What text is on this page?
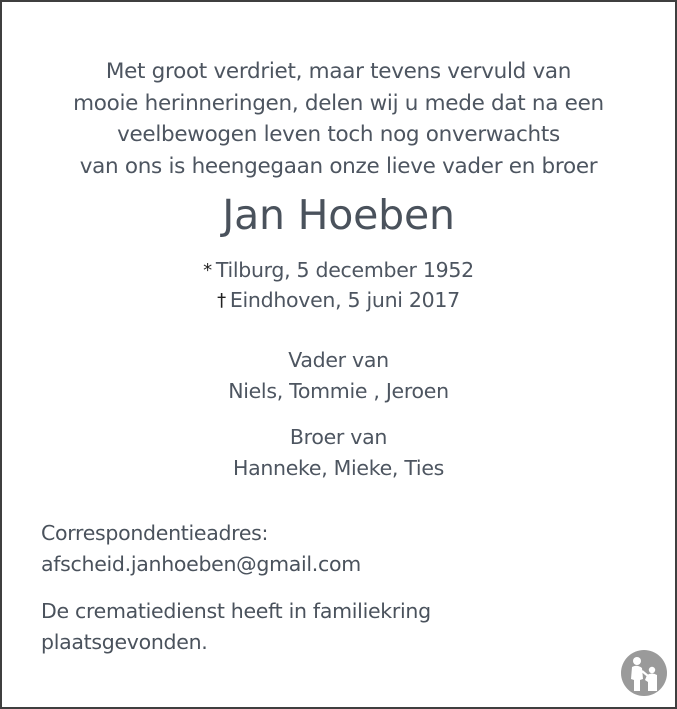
Met groot verdriet, maar tevens vervuld van
mooie herinneringen, delen wij u mede dat na een
veelbewogen leven toch nog onverwachts
van ons is heengegaan onze lieve vader en broer
Jan Hoeben
* Tilburg, 5 december 1952
† Eindhoven, 5 juni 2017
Vader van
Niels, Tommie , Jeroen
Broer van
Hanneke, Mieke, Ties
Correspondentieadres:
afscheid.janhoeben@gmail.com
De crematiedienst heeft in familiekring
plaatsgevonden.
